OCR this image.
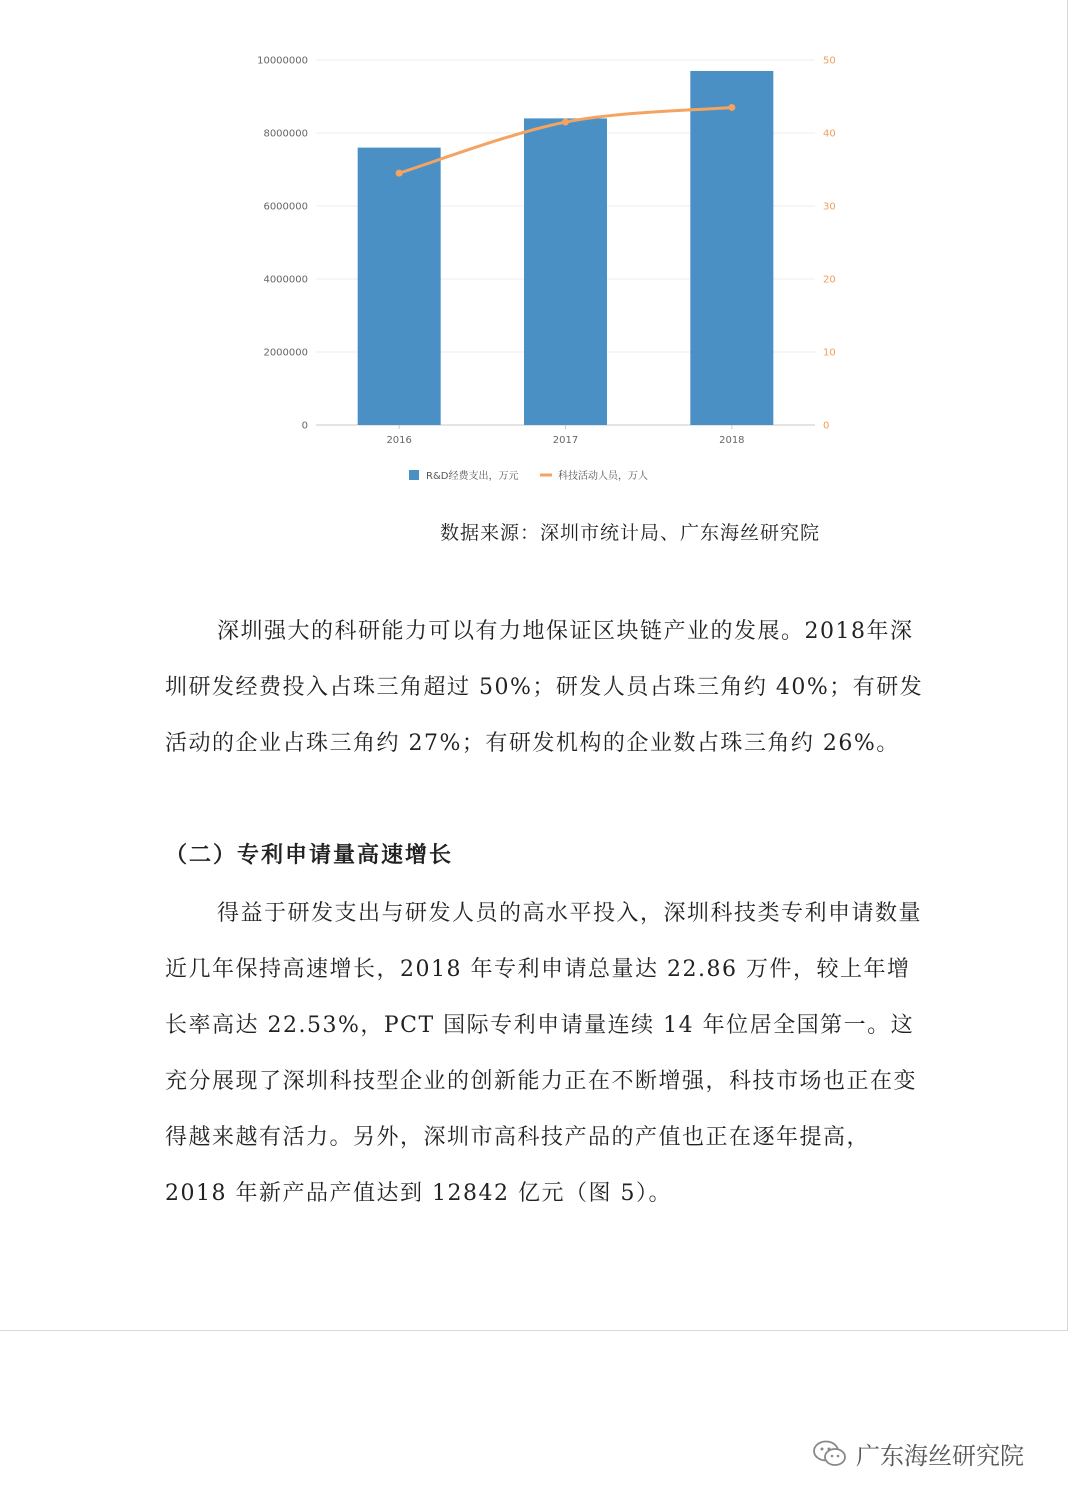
0
2000000
4000000
6000000
8000000
10000000
0
10
20
30
40
50
2016	2017	2018
R&D经费支出，万元	科技活动人员，万人
数据来源：深圳市统计局、广东海丝研究院

深圳强大的科研能力可以有力地保证区块链产业的发展。2018年深圳研发经费投入占珠三角超过 50%；研发人员占珠三角约 40%；有研发活动的企业占珠三角约 27%；有研发机构的企业数占珠三角约 26%。

（二）专利申请量高速增长

得益于研发支出与研发人员的高水平投入，深圳科技类专利申请数量近几年保持高速增长，2018 年专利申请总量达 22.86 万件，较上年增长率高达 22.53%，PCT 国际专利申请量连续 14 年位居全国第一。这充分展现了深圳科技型企业的创新能力正在不断增强，科技市场也正在变得越来越有活力。另外，深圳市高科技产品的产值也正在逐年提高，2018 年新产品产值达到 12842 亿元（图 5）。

广东海丝研究院
